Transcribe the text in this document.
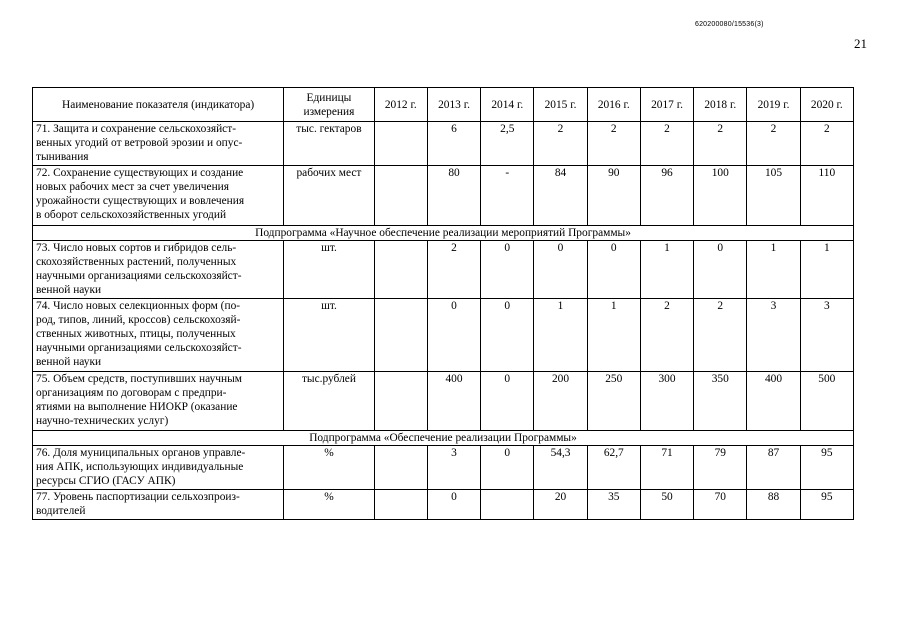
620200080/15536(3)
21
Наименование показателя (индикатора)	Единицы
измерения	2012 г.	2013 г.	2014 г.	2015 г.	2016 г.	2017 г.	2018 г.	2019 г.	2020 г.

71. Защита и сохранение сельскохозяйст-
венных угодий от ветровой эрозии и опус-
тынивания	тыс. гектаров		6	2,5	2	2	2	2	2	2

72. Сохранение существующих и создание
новых рабочих мест за счет увеличения
урожайности существующих и вовлечения
в оборот сельскохозяйственных угодий	рабочих мест		80	-	84	90	96	100	105	110
Подпрограмма «Научное обеспечение реализации мероприятий Программы»										

73. Число новых сортов и гибридов сель-
скохозяйственных растений, полученных
научными организациями сельскохозяйст-
венной науки	шт.		2	0	0	0	1	0	1	1

74. Число новых селекционных форм (по-
род, типов, линий, кроссов) сельскохозяй-
ственных животных, птицы, полученных
научными организациями сельскохозяйст-
венной науки	шт.		0	0	1	1	2	2	3	3

75. Объем средств, поступивших научным
организациям по договорам с предпри-
ятиями на выполнение НИОКР (оказание
научно-технических услуг)	тыс.рублей		400	0	200	250	300	350	400	500
Подпрограмма «Обеспечение реализации Программы»										

76. Доля муниципальных органов управле-
ния АПК, использующих индивидуальные
ресурсы СГИО (ГАСУ АПК)	%		3	0	54,3	62,7	71	79	87	95

77. Уровень паспортизации сельхозпроиз-
водителей	%		0		20	35	50	70	88	95
